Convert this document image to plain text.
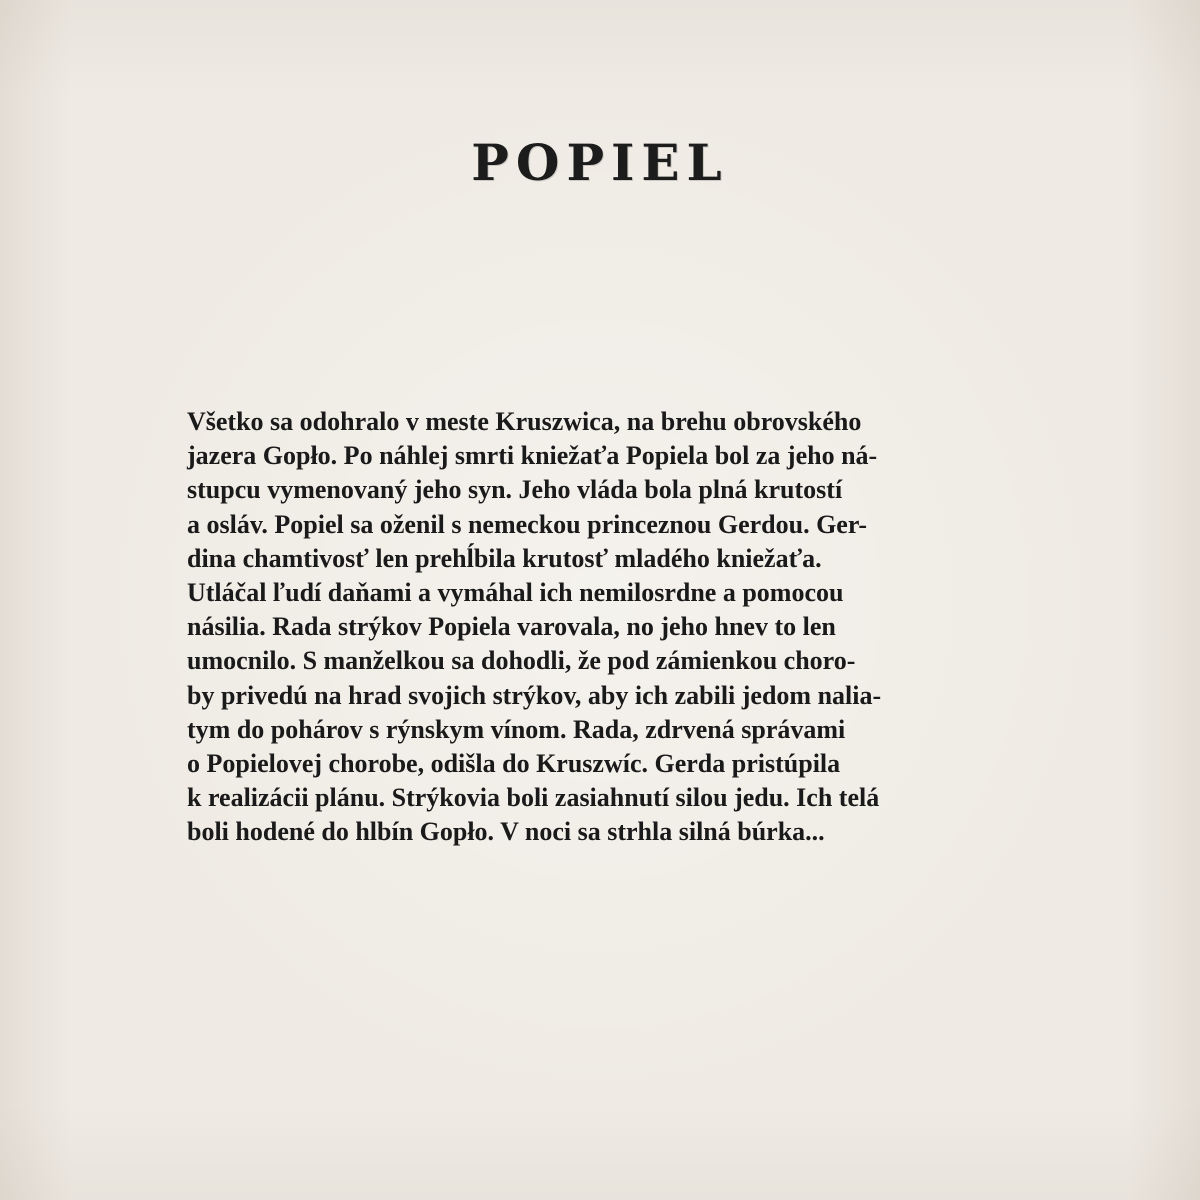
POPIEL

Všetko sa odohralo v meste Kruszwica, na brehu obrovského
jazera Gopło. Po náhlej smrti kniežaťa Popiela bol za jeho ná-
stupcu vymenovaný jeho syn. Jeho vláda bola plná krutostí
a osláv. Popiel sa oženil s nemeckou princeznou Gerdou. Ger-
dina chamtivosť len prehĺbila krutosť mladého kniežaťa.
Utláčal ľudí daňami a vymáhal ich nemilosrdne a pomocou
násilia. Rada strýkov Popiela varovala, no jeho hnev to len
umocnilo. S manželkou sa dohodli, že pod zámienkou choro-
by privedú na hrad svojich strýkov, aby ich zabili jedom nalia-
tym do pohárov s rýnskym vínom. Rada, zdrvená správami
o Popielovej chorobe, odišla do Kruszwíc. Gerda pristúpila
k realizácii plánu. Strýkovia boli zasiahnutí silou jedu. Ich telá
boli hodené do hlbín Gopło. V noci sa strhla silná búrka...
